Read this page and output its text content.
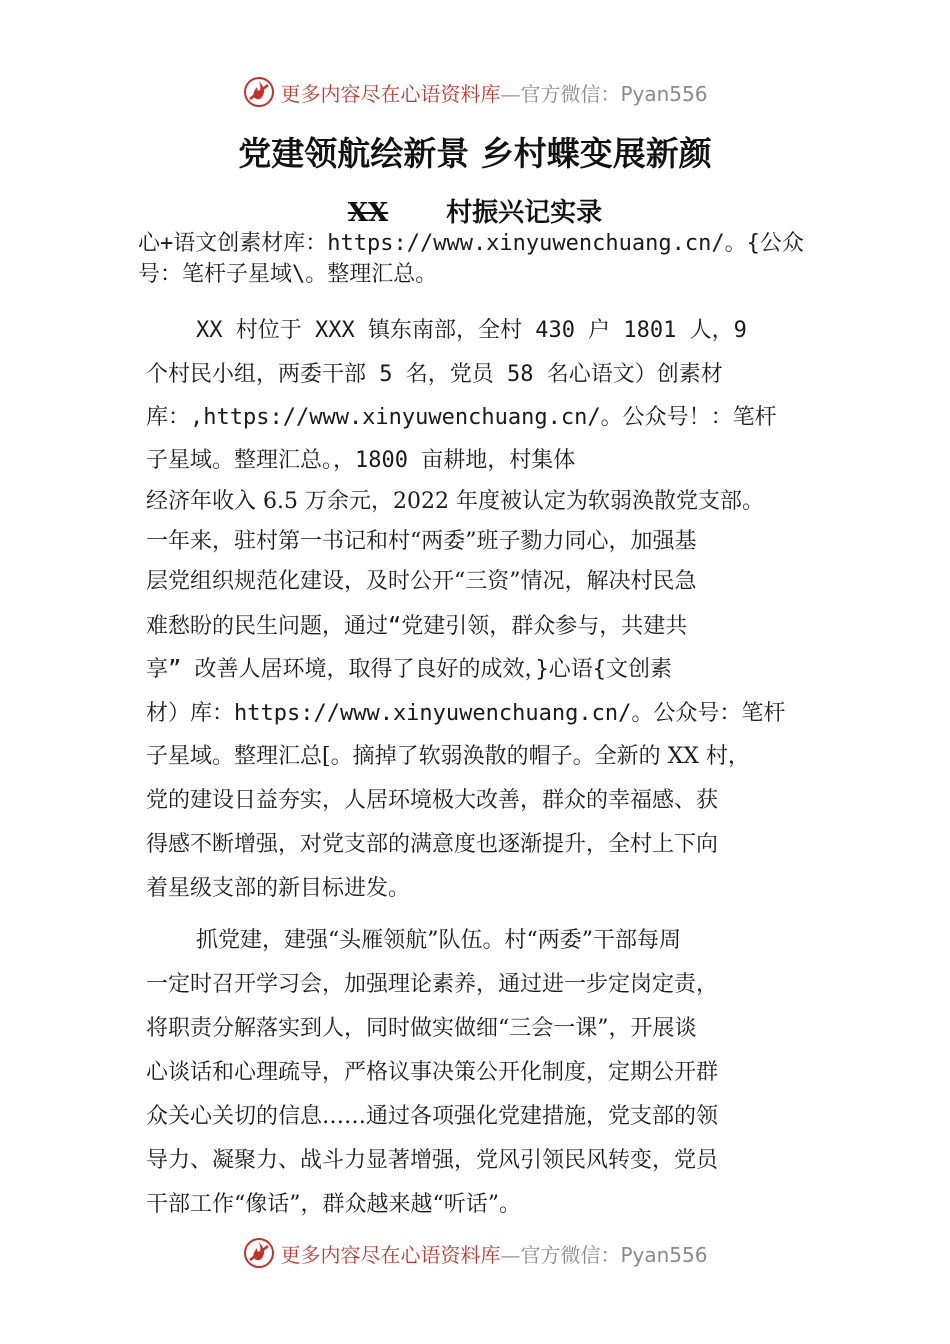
更多内容尽在心语资料库—官方微信：Pyan556
党建领航绘新景 乡村蝶变展新颜
XX 村振兴记实录
心+语文创素材库：https://www.xinyuwenchuang.cn/。{公众号：笔杆子星域\。整理汇总。
XX 村位于 XXX 镇东南部，全村 430 户 1801 人，9
个村民小组，两委干部 5 名，党员 58 名心语文）创素材
库：,https://www.xinyuwenchuang.cn/。公众号！：笔杆
子星域。整理汇总。，1800 亩耕地，村集体
经济年收入 6.5 万余元，2022 年度被认定为软弱涣散党支部。
一年来，驻村第一书记和村“两委”班子勠力同心，加强基
层党组织规范化建设，及时公开“三资”情况，解决村民急
难愁盼的民生问题，通过“党建引领，群众参与，共建共
享” 改善人居环境，取得了良好的成效，}心语{文创素
材）库：https://www.xinyuwenchuang.cn/。公众号：笔杆
子星域。整理汇总[。摘掉了软弱涣散的帽子。全新的 XX 村，
党的建设日益夯实，人居环境极大改善，群众的幸福感、获
得感不断增强，对党支部的满意度也逐渐提升，全村上下向
着星级支部的新目标进发。
抓党建，建强“头雁领航”队伍。村“两委”干部每周
一定时召开学习会，加强理论素养，通过进一步定岗定责，
将职责分解落实到人，同时做实做细“三会一课”，开展谈
心谈话和心理疏导，严格议事决策公开化制度，定期公开群
众关心关切的信息……通过各项强化党建措施，党支部的领
导力、凝聚力、战斗力显著增强，党风引领民风转变，党员
干部工作“像话”，群众越来越“听话”。
更多内容尽在心语资料库—官方微信：Pyan556
